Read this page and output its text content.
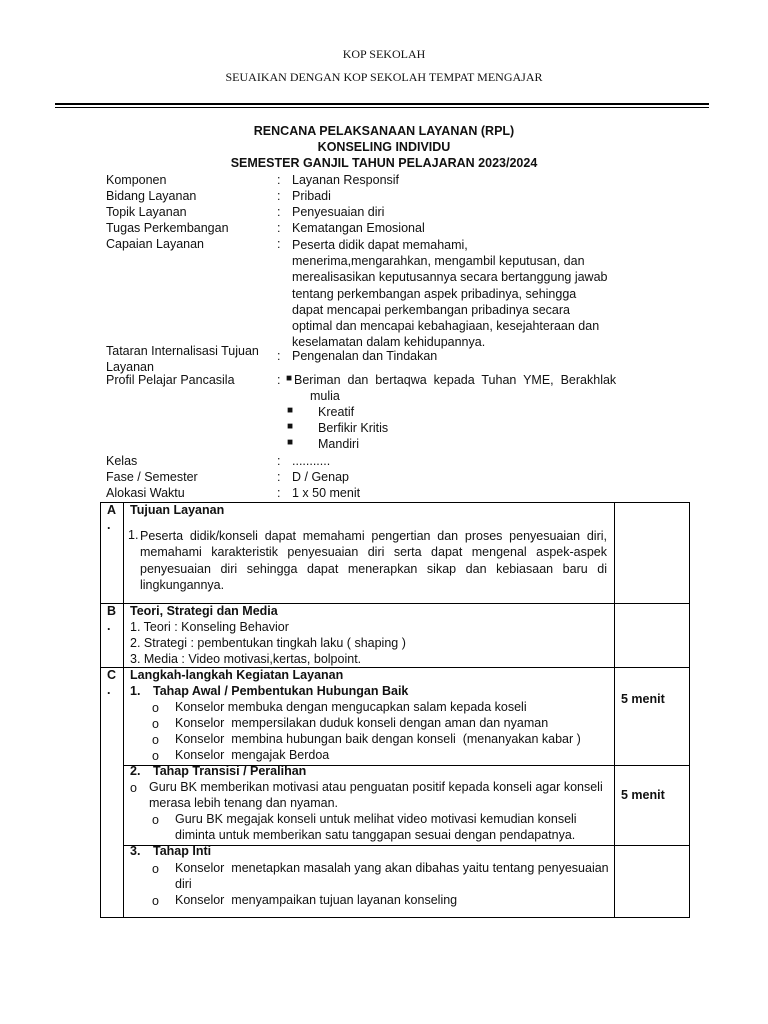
KOP SEKOLAH
SEUAIKAN DENGAN KOP SEKOLAH TEMPAT MENGAJAR
RENCANA PELAKSANAAN LAYANAN (RPL)
KONSELING INDIVIDU
SEMESTER GANJIL TAHUN PELAJARAN 2023/2024
Komponen	: Layanan Responsif
Bidang Layanan	: Pribadi
Topik Layanan	: Penyesuaian diri
Tugas Perkembangan	: Kematangan Emosional
Capaian Layanan	: Peserta didik dapat memahami, menerima,mengarahkan, mengambil keputusan, dan merealisasikan keputusannya secara bertanggung jawab tentang perkembangan aspek pribadinya, sehingga dapat mencapai perkembangan pribadinya secara optimal dan mencapai kebahagiaan, kesejahteraan dan keselamatan dalam kehidupannya.
Tataran Internalisasi Tujuan
Layanan
: Pengenalan dan Tindakan
Profil Pelajar Pancasila	: ■ Beriman  dan  bertaqwa  kepada  Tuhan  YME,  Berakhlak
mulia
■ Kreatif
■ Berfikir Kritis
■ Mandiri
Kelas	: ...........
Fase / Semester	: D / Genap
Alokasi Waktu	: 1 x 50 menit
A
.
Tujuan Layanan
1. Peserta didik/konseli dapat memahami pengertian dan proses penyesuaian diri, memahami karakteristik penyesuaian diri serta dapat mengenal aspek-aspek penyesuaian diri sehingga dapat menerapkan sikap dan kebiasaan baru di lingkungannya.
B
.
Teori, Strategi dan Media
1. Teori : Konseling Behavior
2. Strategi : pembentukan tingkah laku ( shaping )
3. Media : Video motivasi,kertas, bolpoint.
C
.
Langkah-langkah Kegiatan Layanan
1. Tahap Awal / Pembentukan Hubungan Baik
5 menit
o Konselor membuka dengan mengucapkan salam kepada koseli
o Konselor  mempersilakan duduk konseli dengan aman dan nyaman
o Konselor  membina hubungan baik dengan konseli  (menanyakan kabar )
o Konselor  mengajak Berdoa
2. Tahap Transisi / Peralihan
5 menit
o Guru BK memberikan motivasi atau penguatan positif kepada konseli agar konseli
merasa lebih tenang dan nyaman.
o Guru BK megajak konseli untuk melihat video motivasi kemudian konseli
diminta untuk memberikan satu tanggapan sesuai dengan pendapatnya.
3. Tahap Inti
o Konselor  menetapkan masalah yang akan dibahas yaitu tentang penyesuaian
diri
o Konselor  menyampaikan tujuan layanan konseling
